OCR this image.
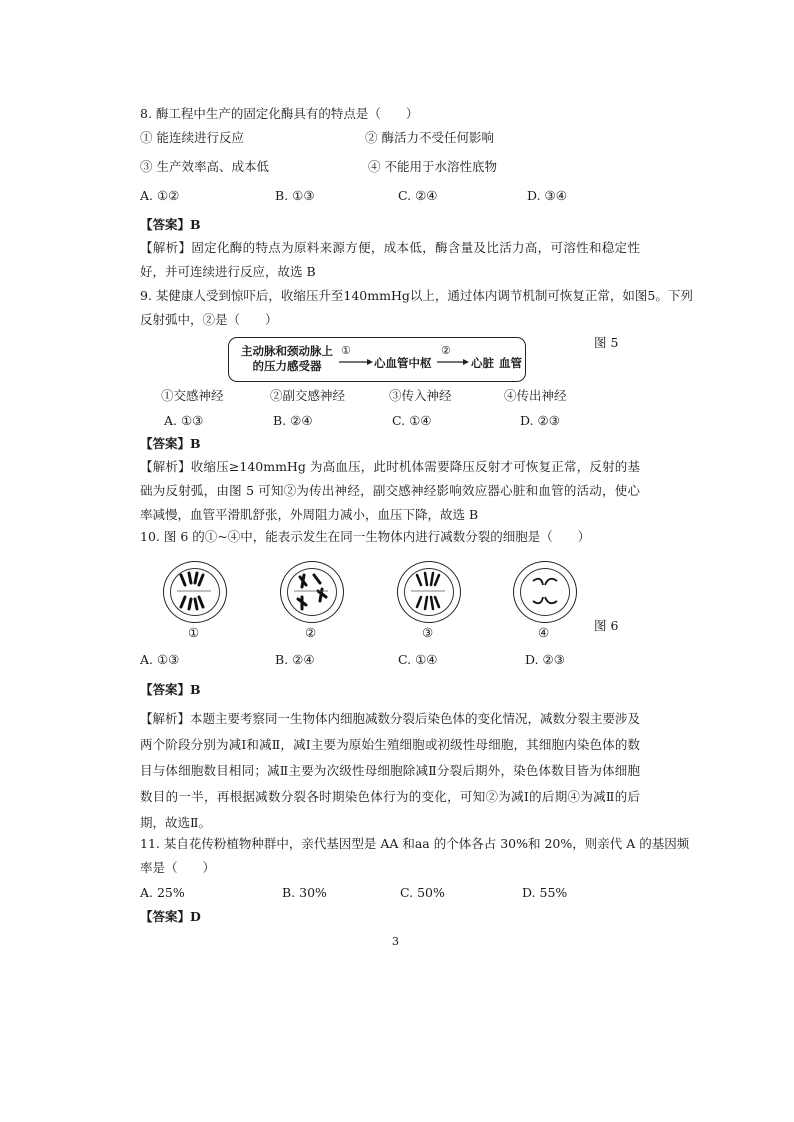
8. 酶工程中生产的固定化酶具有的特点是（　　）
① 能连续进行反应	② 酶活力不受任何影响
③ 生产效率高、成本低	④ 不能用于水溶性底物
A. ①②	B. ①③	C. ②④	D. ③④
【答案】B
【解析】固定化酶的特点为原料来源方便，成本低，酶含量及比活力高，可溶性和稳定性好，并可连续进行反应，故选 B
9. 某健康人受到惊吓后，收缩压升至140mmHg以上，通过体内调节机制可恢复正常，如图5。下列
反射弧中，②是（　　）
主动脉和颈动脉上
的压力感受器
①
心血管中枢
②
心脏 血管
图 5
①交感神经	②副交感神经	③传入神经	④传出神经
A. ①③	B. ②④	C. ①④	D. ②③
【答案】B
【解析】收缩压≥140mmHg 为高血压，此时机体需要降压反射才可恢复正常，反射的基础为反射弧，由图 5 可知②为传出神经，副交感神经影响效应器心脏和血管的活动，使心率减慢，血管平滑肌舒张，外周阻力减小，血压下降，故选 B
10. 图 6 的①~④中，能表示发生在同一生物体内进行减数分裂的细胞是（　　）
①	②	③	④	图 6
A. ①③	B. ②④	C. ①④	D. ②③
【答案】B
【解析】本题主要考察同一生物体内细胞减数分裂后染色体的变化情况，减数分裂主要涉及两个阶段分别为减Ⅰ和减Ⅱ，减Ⅰ主要为原始生殖细胞或初级性母细胞，其细胞内染色体的数目与体细胞数目相同；减Ⅱ主要为次级性母细胞除减Ⅱ分裂后期外，染色体数目皆为体细胞数目的一半，再根据减数分裂各时期染色体行为的变化，可知②为减Ⅰ的后期④为减Ⅱ的后期，故选Ⅱ。
11. 某自花传粉植物种群中，亲代基因型是 AA 和aa 的个体各占 30%和 20%，则亲代 A 的基因频
率是（　　）
A. 25%	B. 30%	C. 50%	D. 55%
【答案】D
3
